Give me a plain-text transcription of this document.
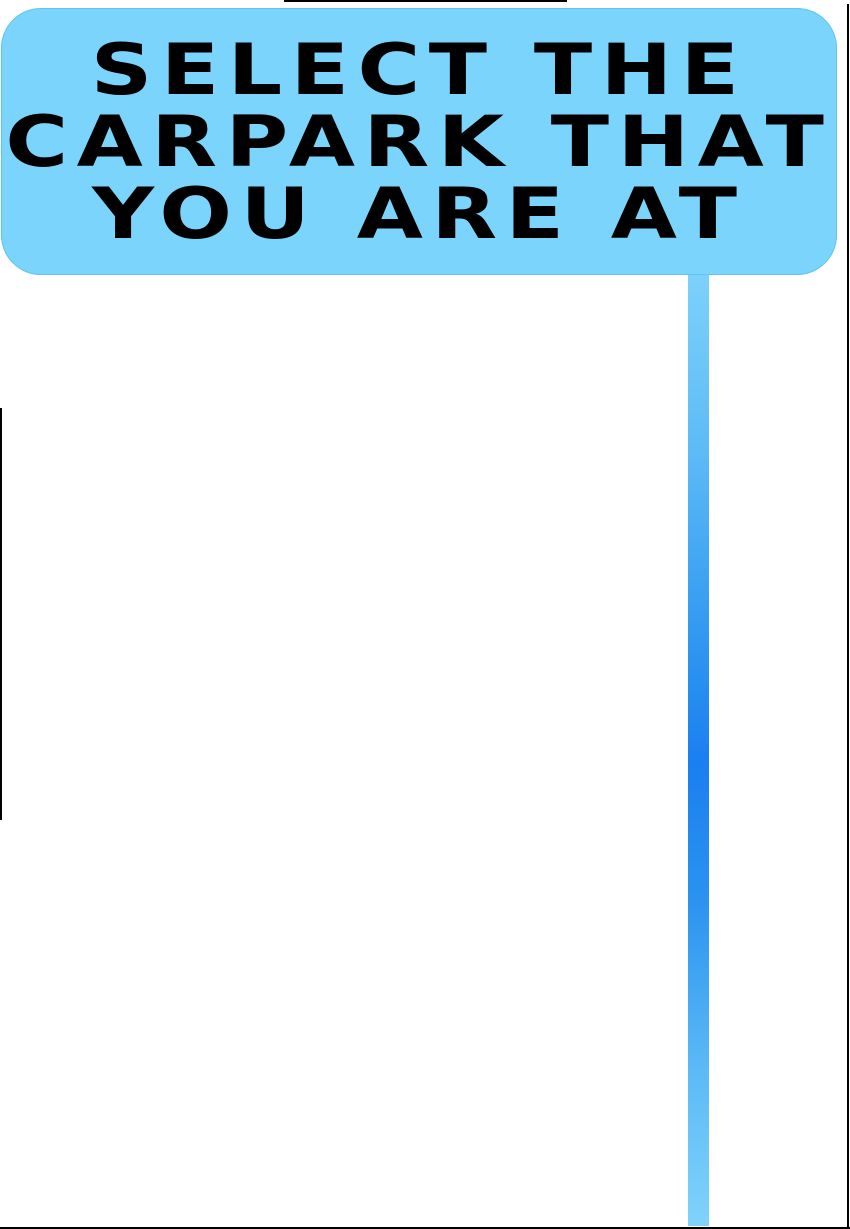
SELECT THE
CARPARK THAT
YOU ARE AT
